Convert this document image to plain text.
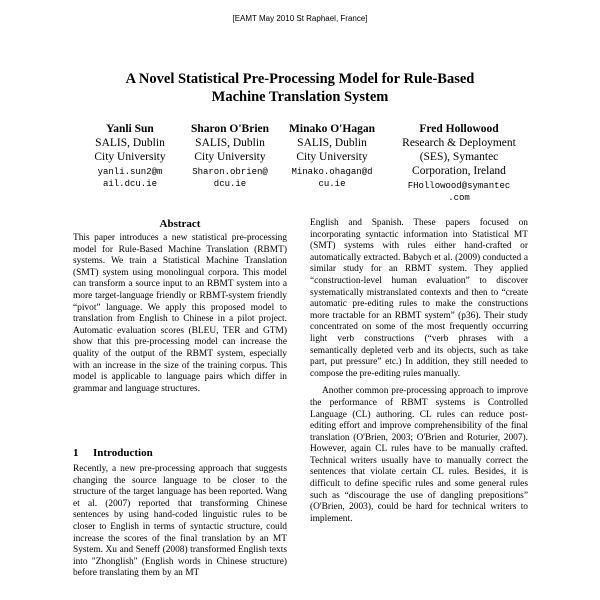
[EAMT May 2010 St Raphael, France]
A Novel Statistical Pre-Processing Model for Rule-Based
Machine Translation System
Yanli Sun
SALIS, Dublin
City University
yanli.sun2@m
ail.dcu.ie
Sharon O'Brien
SALIS, Dublin
City University
Sharon.obrien@
dcu.ie
Minako O'Hagan
SALIS, Dublin
City University
Minako.ohagan@d
cu.ie
Fred Hollowood
Research & Deployment
(SES), Symantec
Corporation, Ireland
FHollowood@symantec
.com
Abstract

This paper introduces a new statistical pre-processing model for Rule-Based Machine Translation (RBMT) systems. We train a Statistical Machine Translation (SMT) system using monolingual corpora. This model can transform a source input to an RBMT system into a more target-language friendly or RBMT-system friendly “pivot” language. We apply this proposed model to translation from English to Chinese in a pilot project. Automatic evaluation scores (BLEU, TER and GTM) show that this pre-processing model can increase the quality of the output of the RBMT system, especially with an increase in the size of the training corpus. This model is applicable to language pairs which differ in grammar and language structures.

1 Introduction

Recently, a new pre-processing approach that suggests changing the source language to be closer to the structure of the target language has been reported. Wang et al. (2007) reported that transforming Chinese sentences by using hand-coded linguistic rules to be closer to English in terms of syntactic structure, could increase the scores of the final translation by an MT System. Xu and Seneff (2008) transformed English texts into "Zhonglish" (English words in Chinese structure) before translating them by an MT

English and Spanish. These papers focused on incorporating syntactic information into Statistical MT (SMT) systems with rules either hand-crafted or automatically extracted. Babych et al. (2009) conducted a similar study for an RBMT system. They applied “construction-level human evaluation” to discover systematically mistranslated contexts and then to “create automatic pre-editing rules to make the constructions more tractable for an RBMT system” (p36). Their study concentrated on some of the most frequently occurring light verb constructions (“verb phrases with a semantically depleted verb and its objects, such as take part, put pressure” etc.) In addition, they still needed to compose the pre-editing rules manually.

Another common pre-processing approach to improve the performance of RBMT systems is Controlled Language (CL) authoring. CL rules can reduce post-editing effort and improve comprehensibility of the final translation (O'Brien, 2003; O'Brien and Roturier, 2007). However, again CL rules have to be manually crafted. Technical writers usually have to manually correct the sentences that violate certain CL rules. Besides, it is difficult to define specific rules and some general rules such as “discourage the use of dangling prepositions” (O'Brien, 2003), could be hard for technical writers to implement.
